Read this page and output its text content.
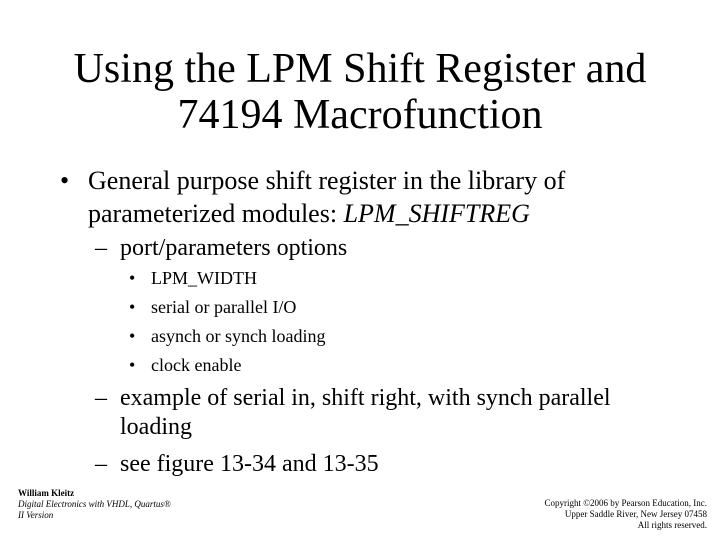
Using the LPM Shift Register and
74194 Macrofunction
• General purpose shift register in the library of
parameterized modules: LPM_SHIFTREG
– port/parameters options
• LPM_WIDTH
• serial or parallel I/O
• asynch or synch loading
• clock enable
– example of serial in, shift right, with synch parallel
loading
– see figure 13-34 and 13-35
William Kleitz
Digital Electronics with VHDL, Quartus®
II Version
Copyright ©2006 by Pearson Education, Inc.
Upper Saddle River, New Jersey 07458
All rights reserved.
